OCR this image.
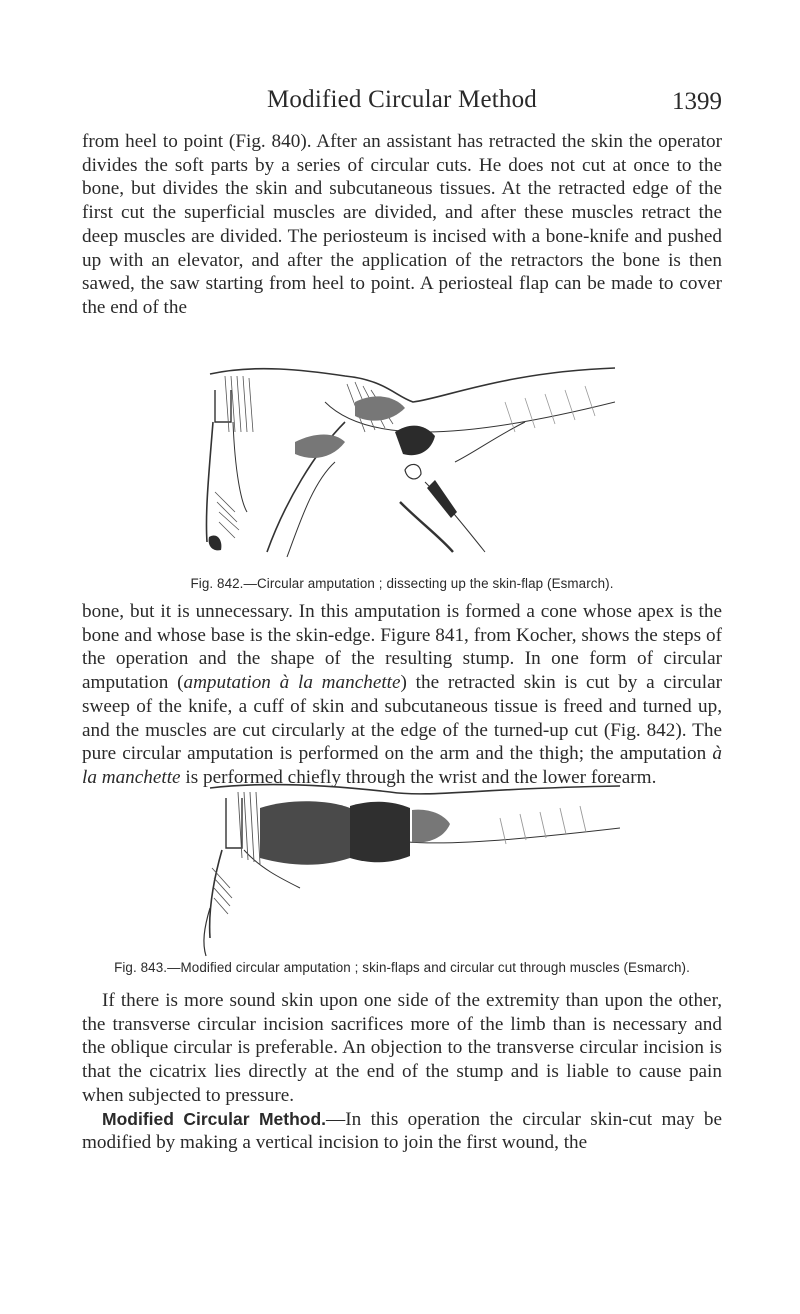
Modified Circular Method	1399

from heel to point (Fig. 840). After an assistant has retracted the skin the operator divides the soft parts by a series of circular cuts. He does not cut at once to the bone, but divides the skin and subcutaneous tissues. At the retracted edge of the first cut the superficial muscles are divided, and after these muscles retract the deep muscles are divided. The periosteum is incised with a bone-knife and pushed up with an elevator, and after the application of the retractors the bone is then sawed, the saw starting from heel to point. A periosteal flap can be made to cover the end of the

Fig. 842.—Circular amputation ; dissecting up the skin-flap (Esmarch).

bone, but it is unnecessary. In this amputation is formed a cone whose apex is the bone and whose base is the skin-edge. Figure 841, from Kocher, shows the steps of the operation and the shape of the resulting stump. In one form of circular amputation (amputation à la manchette) the retracted skin is cut by a circular sweep of the knife, a cuff of skin and subcutaneous tissue is freed and turned up, and the muscles are cut circularly at the edge of the turned-up cut (Fig. 842). The pure circular amputation is performed on the arm and the thigh; the amputation à la manchette is performed chiefly through the wrist and the lower forearm.

Fig. 843.—Modified circular amputation ; skin-flaps and circular cut through muscles (Esmarch).

If there is more sound skin upon one side of the extremity than upon the other, the transverse circular incision sacrifices more of the limb than is necessary and the oblique circular is preferable. An objection to the transverse circular incision is that the cicatrix lies directly at the end of the stump and is liable to cause pain when subjected to pressure.

Modified Circular Method.—In this operation the circular skin-cut may be modified by making a vertical incision to join the first wound, the
